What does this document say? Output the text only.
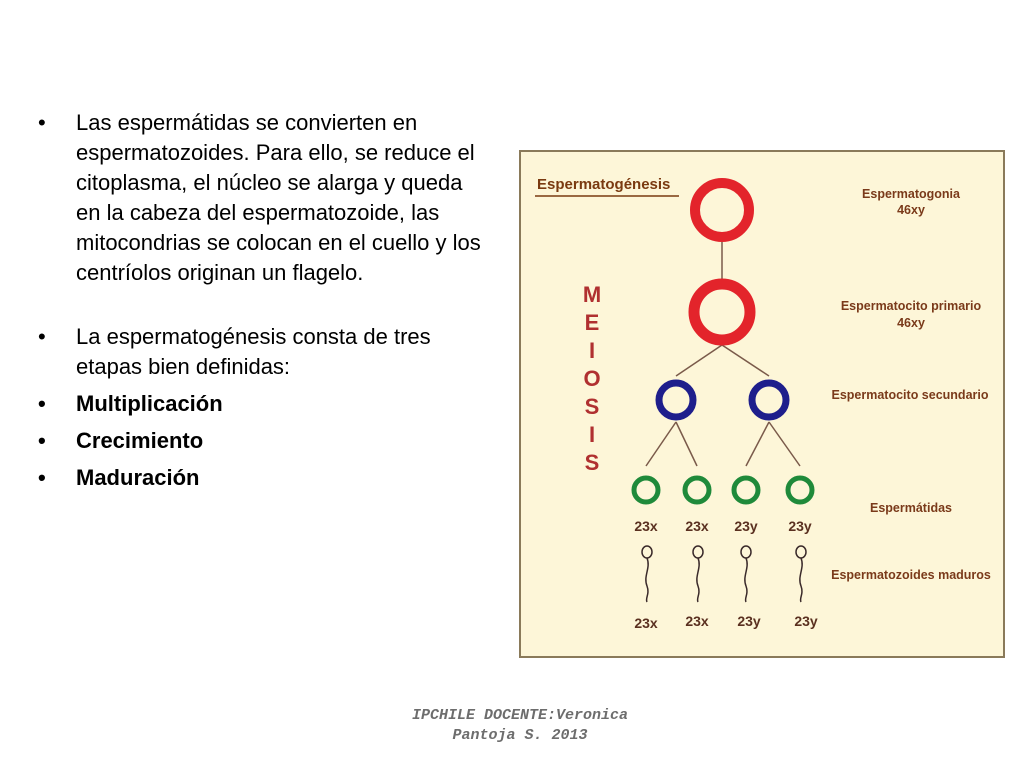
• Las espermátidas se convierten en espermatozoides. Para ello, se reduce el citoplasma, el núcleo se alarga y queda en la cabeza del espermatozoide, las mitocondrias se colocan en el cuello y los centríolos originan un flagelo.

• La espermatogénesis consta de tres etapas bien definidas:

• Multiplicación

• Crecimiento

• Maduración

Espermatogénesis
M
E
I
O
S
I
S
23x 23x 23y 23y
23x 23x 23y 23y
Espermatogonia
46xy
Espermatocito primario
46xy
Espermatocito secundario
Espermátidas
Espermatozoides maduros
IPCHILE DOCENTE:Veronica
Pantoja S. 2013
